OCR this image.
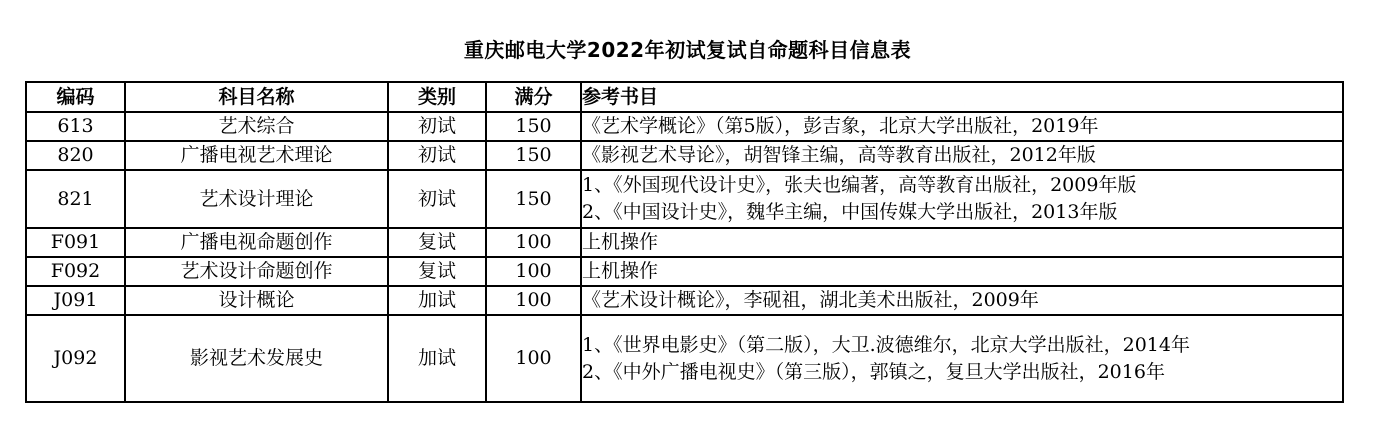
重庆邮电大学2022年初试复试自命题科目信息表
编码	科目名称	类别	满分	参考书目
613	艺术综合	初试	150	《艺术学概论》（第5版），彭吉象，北京大学出版社，2019年

820	广播电视艺术理论	初试	150	《影视艺术导论》，胡智锋主编，高等教育出版社，2012年版

821	艺术设计理论	初试	150	1、《外国现代设计史》，张夫也编著，高等教育出版社，2009年版
2、《中国设计史》，魏华主编，中国传媒大学出版社，2013年版

F091	广播电视命题创作	复试	100	上机操作

F092	艺术设计命题创作	复试	100	上机操作

J091	设计概论	加试	100	《艺术设计概论》，李砚祖，湖北美术出版社，2009年

J092	影视艺术发展史	加试	100	1、《世界电影史》（第二版），大卫.波德维尔，北京大学出版社，2014年
2、《中外广播电视史》（第三版），郭镇之，复旦大学出版社，2016年
